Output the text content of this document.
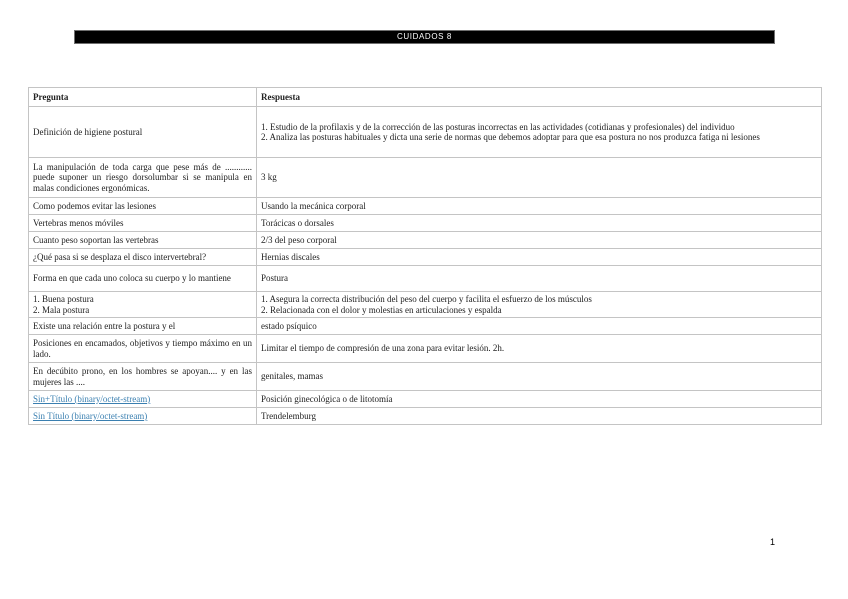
CUIDADOS 8
Pregunta	Respuesta

Definición de higiene postural	1. Estudio de la profilaxis y de la corrección de las posturas incorrectas en las actividades (cotidianas y profesionales) del individuo
2. Analiza las posturas habituales y dicta una serie de normas que debemos adoptar para que esa postura no nos produzca fatiga ni lesiones

La manipulación de toda carga que pese más de ............ puede suponer un riesgo dorsolumbar si se manipula en malas condiciones ergonómicas.	3 kg

Como podemos evitar las lesiones	Usando la mecánica corporal

Vertebras menos móviles	Torácicas o dorsales

Cuanto peso soportan las vertebras	2/3 del peso corporal

¿Qué pasa si se desplaza el disco intervertebral?	Hernias discales

Forma en que cada uno coloca su cuerpo y lo mantiene	Postura

1. Buena postura
2. Mala postura	1. Asegura la correcta distribución del peso del cuerpo y facilita el esfuerzo de los músculos
2. Relacionada con el dolor y molestias en articulaciones y espalda

Existe una relación entre la postura y el	estado psíquico

Posiciones en encamados, objetivos y tiempo máximo en un lado.	Limitar el tiempo de compresión de una zona para evitar lesión. 2h.

En decúbito prono, en los hombres se apoyan.... y en las mujeres las ....	genitales, mamas

Sin+Título (binary/octet-stream)	Posición ginecológica o de litotomía

Sin Título (binary/octet-stream)	Trendelemburg
1
